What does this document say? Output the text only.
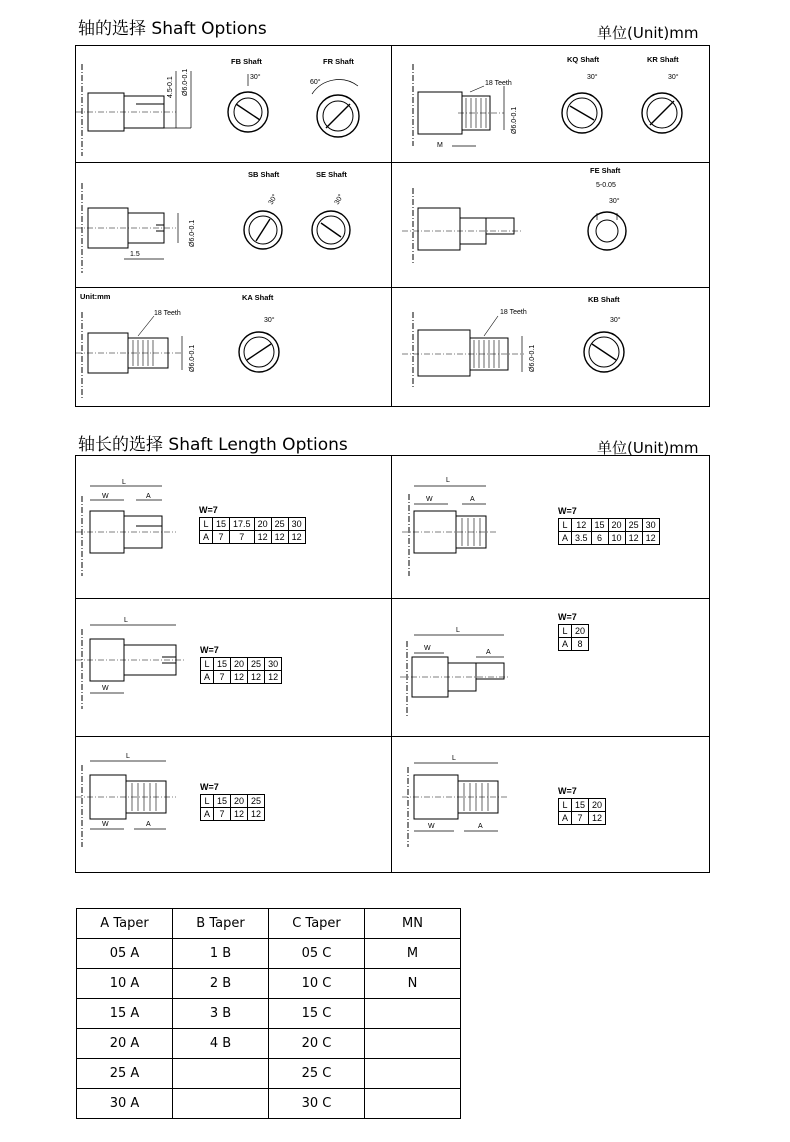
轴的选择 Shaft Options	单位(Unit)mm
4.5-0.1 Ø6.0-0.1
FB Shaft
30°
FR Shaft
60°
M
18 Teeth
Ø6.0-0.1
KQ Shaft
30°
KR Shaft
30°
1.5
Ø6.0-0.1
SB Shaft
30°
SE Shaft
30°
FE Shaft
5-0.05
30°
Unit:mm
18 Teeth
Ø6.0-0.1
KA Shaft
30°
18 Teeth
Ø6.0-0.1
KB Shaft
30°
轴长的选择 Shaft Length Options	单位(Unit)mm
L
W	A
W=7
L	15	17.5	20	25	30
A	7	7	12	12	12
L
W	A
W=7
L	12	15	20	25	30
A	3.5	6	10	12	12
L
W
W=7
L	15	20	25	30
A	7	12	12	12
L
W
A
W=7
L	20
A	8
L
W	A
W=7
L	15	20	25
A	7	12	12
L
W	A
W=7
L	15	20
A	7	12
A Taper	B Taper	C Taper	MN
05 A	1 B	05 C	M
10 A	2 B	10 C	N
15 A	3 B	15 C	
20 A	4 B	20 C	
25 A		25 C	
30 A		30 C	
